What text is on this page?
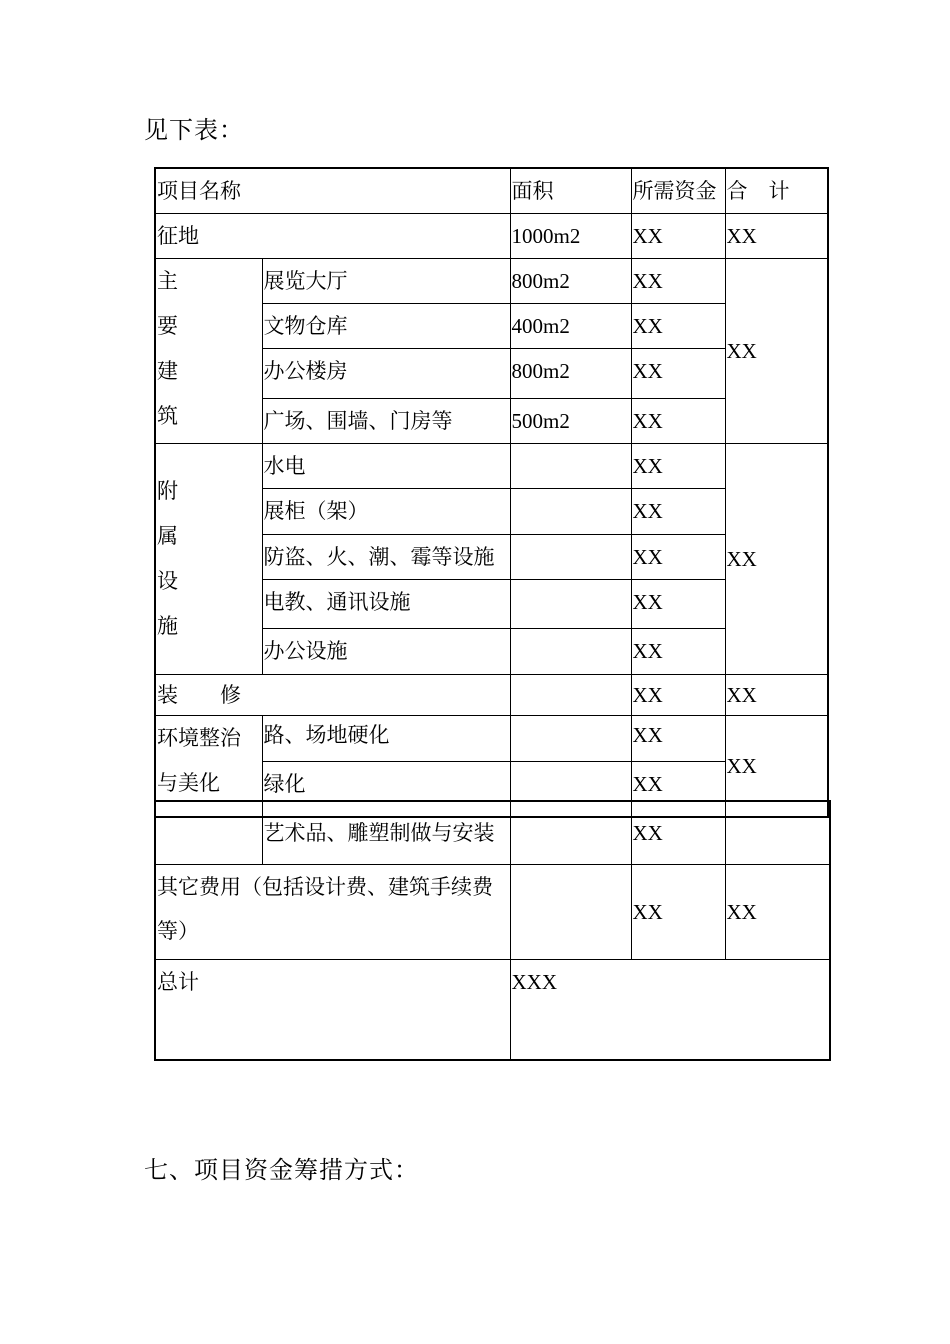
见下表：
项目名称		面积	所需资金	合　计
征地		1000m2	XX	XX

主
要
建
筑	展览大厅	800m2	XX	XX
	文物仓库	400m2	XX	
	办公楼房	800m2	XX	
	广场、围墙、门房等	500m2	XX	

附
属
设
施	水电		XX	XX
	展柜（架）		XX	
	防盗、火、潮、霉等设施		XX	
	电教、通讯设施		XX	
	办公设施		XX	
装　　修			XX	XX

环境整治
与美化	路、场地硬化		XX	XX
	绿化		XX	
	艺术品、雕塑制做与安装		XX	

其它费用（包括设计费、建筑手续费
等）			XX	XX
总计		XXX		
七、项目资金筹措方式：
